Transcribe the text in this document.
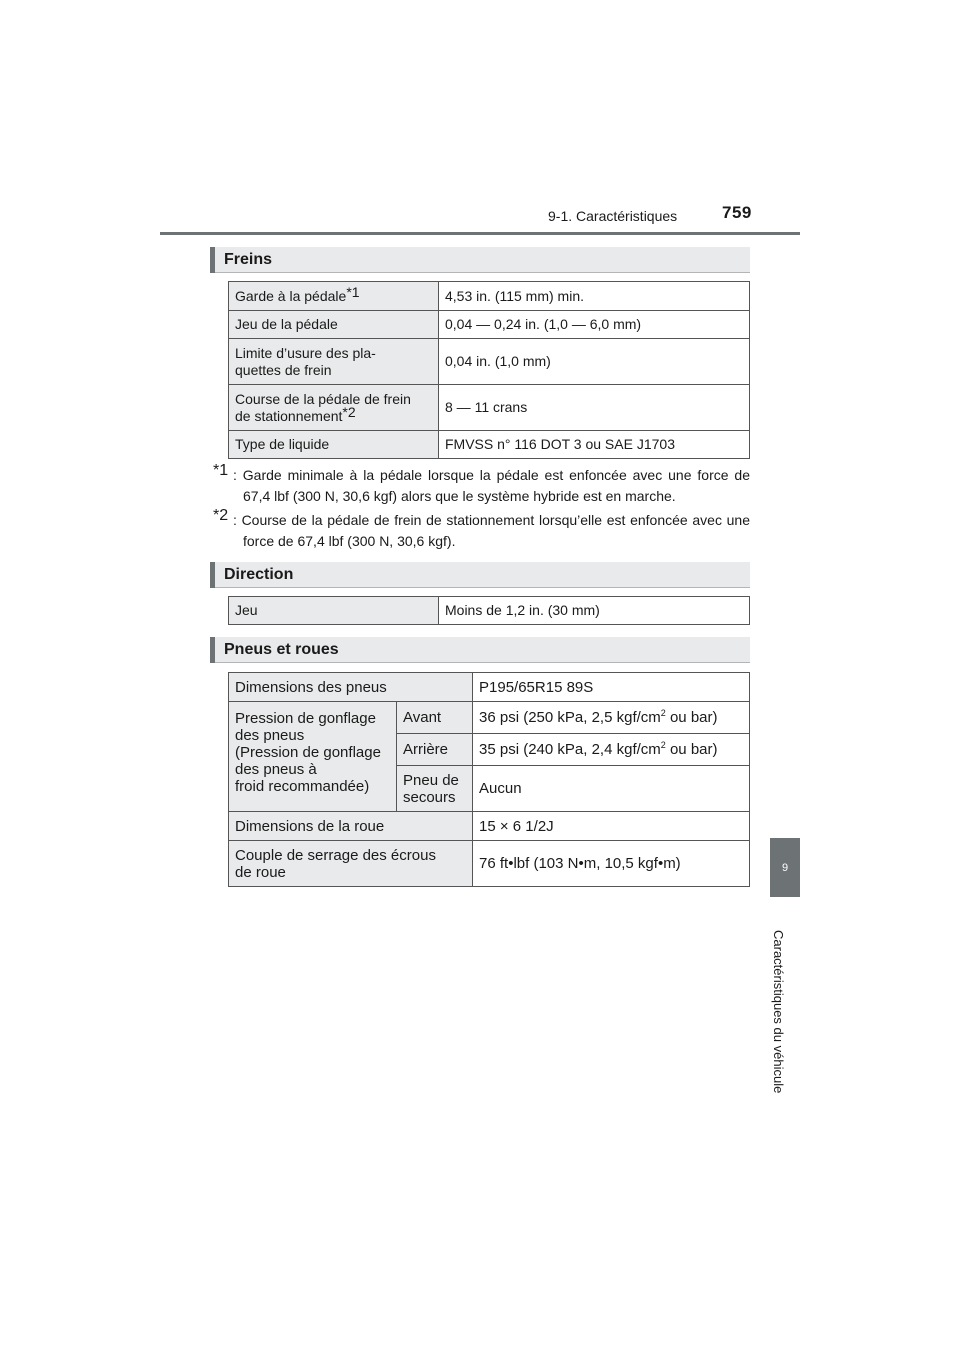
9-1. Caractéristiques	759
9
Caractéristiques du véhicule
Freins
Garde à la pédale$^{*1}$	4,53 in. (115 mm) min.
Jeu de la pédale	0,04 — 0,24 in. (1,0 — 6,0 mm)

Limite d’usure des pla-
quettes de frein	0,04 in. (1,0 mm)

Course de la pédale de frein
de stationnement$^{*2}$	8 — 11 crans
Type de liquide	FMVSS n° 116 DOT 3 ou SAE J1703
*1 : Garde minimale à la pédale lorsque la pédale est enfoncée avec une force de 67,4 lbf (300 N, 30,6 kgf) alors que le système hybride est en marche.
*2 : Course de la pédale de frein de stationnement lorsqu’elle est enfoncée avec une force de 67,4 lbf (300 N, 30,6 kgf).
Direction
Jeu	Moins de 1,2 in. (30 mm)
Pneus et roues
Dimensions des pneus		P195/65R15 89S

Pression de gonflage
des pneus
(Pression de gonflage
des pneus à
froid recommandée)	Avant	36 psi (250 kPa, 2,5 kgf/$cm^2$ ou bar)
	Arrière	35 psi (240 kPa, 2,4 kgf/$cm^2$ ou bar)

	Pneu de
secours	Aucun
Dimensions de la roue		15 × 6 1/2J

Couple de serrage des écrous
de roue		76 ft•lbf (103 N•m, 10,5 kgf•m)
